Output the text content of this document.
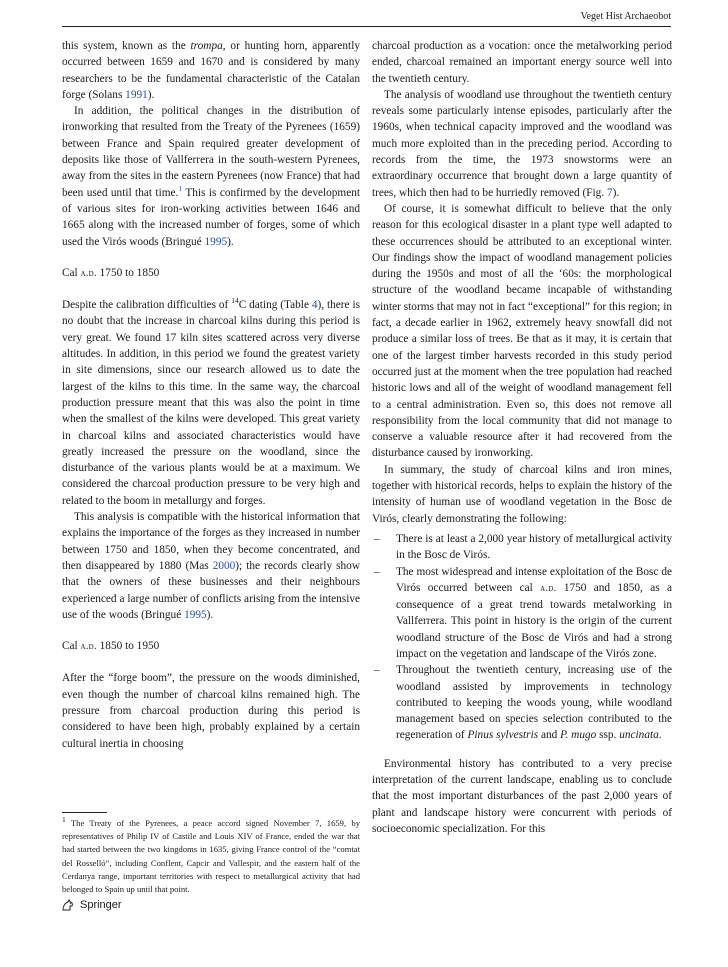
Veget Hist Archaeobot

this system, known as the trompa, or hunting horn, apparently occurred between 1659 and 1670 and is considered by many researchers to be the fundamental characteristic of the Catalan forge (Solans 1991).

In addition, the political changes in the distribution of ironworking that resulted from the Treaty of the Pyrenees (1659) between France and Spain required greater development of deposits like those of Vallferrera in the south-western Pyrenees, away from the sites in the eastern Pyrenees (now France) that had been used until that time.$^1$ This is confirmed by the development of various sites for iron-working activities between 1646 and 1665 along with the increased number of forges, some of which used the Virós woods (Bringué 1995).

Cal a.d. 1750 to 1850

Despite the calibration difficulties of $^{14}$C dating (Table 4), there is no doubt that the increase in charcoal kilns during this period is very great. We found 17 kiln sites scattered across very diverse altitudes. In addition, in this period we found the greatest variety in site dimensions, since our research allowed us to date the largest of the kilns to this time. In the same way, the charcoal production pressure meant that this was also the point in time when the smallest of the kilns were developed. This great variety in charcoal kilns and associated characteristics would have greatly increased the pressure on the woodland, since the disturbance of the various plants would be at a maximum. We considered the charcoal production pressure to be very high and related to the boom in metallurgy and forges.

This analysis is compatible with the historical information that explains the importance of the forges as they increased in number between 1750 and 1850, when they become concentrated, and then disappeared by 1880 (Mas 2000); the records clearly show that the owners of these businesses and their neighbours experienced a large number of conflicts arising from the intensive use of the woods (Bringué 1995).

Cal a.d. 1850 to 1950

After the “forge boom”, the pressure on the woods diminished, even though the number of charcoal kilns remained high. The pressure from charcoal production during this period is considered to have been high, probably explained by a certain cultural inertia in choosing

$^1$ The Treaty of the Pyrenees, a peace accord signed November 7, 1659, by representatives of Philip IV of Castile and Louis XIV of France, ended the war that had started between the two kingdoms in 1635, giving France control of the “comtat del Rosselló”, including Conflent, Capcir and Vallespir, and the eastern half of the Cerdanya range, important territories with respect to metallurgical activity that had belonged to Spain up until that point.

charcoal production as a vocation: once the metalworking period ended, charcoal remained an important energy source well into the twentieth century.

The analysis of woodland use throughout the twentieth century reveals some particularly intense episodes, particularly after the 1960s, when technical capacity improved and the woodland was much more exploited than in the preceding period. According to records from the time, the 1973 snowstorms were an extraordinary occurrence that brought down a large quantity of trees, which then had to be hurriedly removed (Fig. 7).

Of course, it is somewhat difficult to believe that the only reason for this ecological disaster in a plant type well adapted to these occurrences should be attributed to an exceptional winter. Our findings show the impact of woodland management policies during the 1950s and most of all the ‘60s: the morphological structure of the woodland became incapable of withstanding winter storms that may not in fact “exceptional” for this region; in fact, a decade earlier in 1962, extremely heavy snowfall did not produce a similar loss of trees. Be that as it may, it is certain that one of the largest timber harvests recorded in this study period occurred just at the moment when the tree population had reached historic lows and all of the weight of woodland management fell to a central administration. Even so, this does not remove all responsibility from the local community that did not manage to conserve a valuable resource after it had recovered from the disturbance caused by ironworking.

In summary, the study of charcoal kilns and iron mines, together with historical records, helps to explain the history of the intensity of human use of woodland vegetation in the Bosc de Virós, clearly demonstrating the following:

– There is at least a 2,000 year history of metallurgical activity in the Bosc de Virós.
– The most widespread and intense exploitation of the Bosc de Virós occurred between cal a.d. 1750 and 1850, as a consequence of a great trend towards metalworking in Vallferrera. This point in history is the origin of the current woodland structure of the Bosc de Virós and had a strong impact on the vegetation and landscape of the Virós zone.
– Throughout the twentieth century, increasing use of the woodland assisted by improvements in technology contributed to keeping the woods young, while woodland management based on species selection contributed to the regeneration of Pinus sylvestris and P. mugo ssp. uncinata.

Environmental history has contributed to a very precise interpretation of the current landscape, enabling us to conclude that the most important disturbances of the past 2,000 years of plant and landscape history were concurrent with periods of socioeconomic specialization. For this

Springer
